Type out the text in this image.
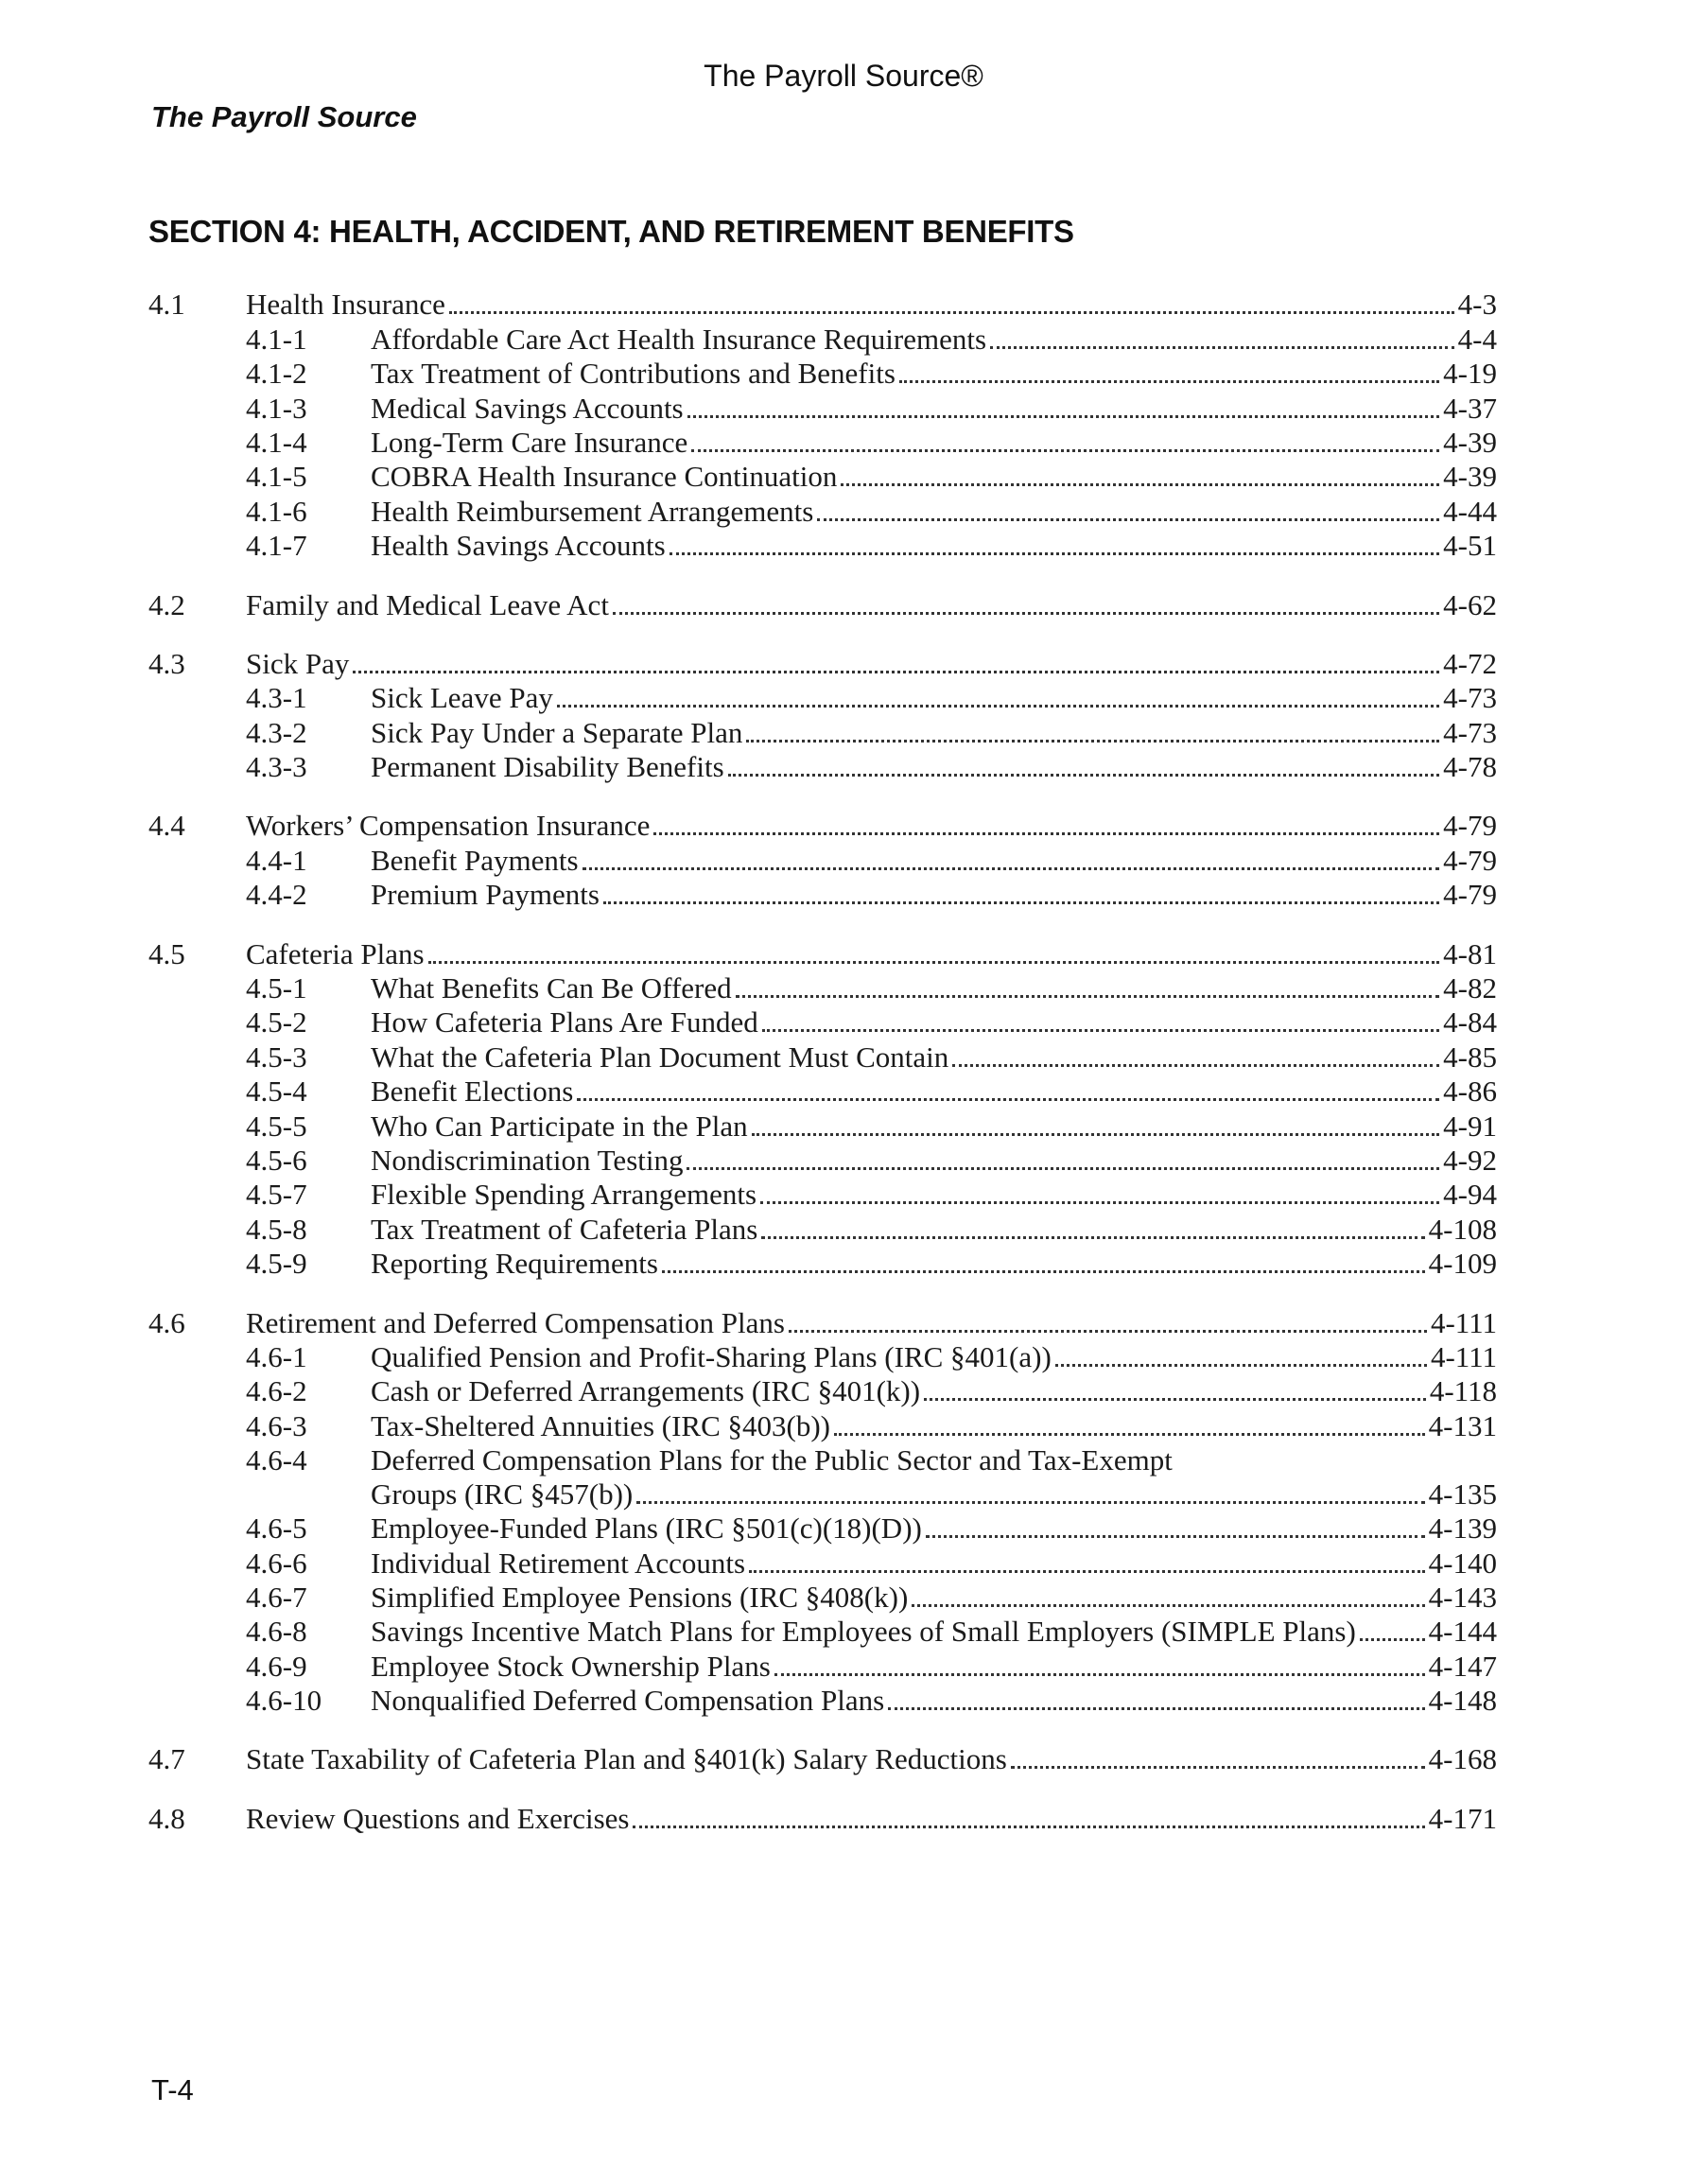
The Payroll Source®
The Payroll Source
SECTION 4: HEALTH, ACCIDENT, AND RETIREMENT BENEFITS
4.1	Health Insurance	4-3
4.1-1	Affordable Care Act Health Insurance Requirements	4-4
4.1-2	Tax Treatment of Contributions and Benefits	4-19
4.1-3	Medical Savings Accounts	4-37
4.1-4	Long-Term Care Insurance	4-39
4.1-5	COBRA Health Insurance Continuation	4-39
4.1-6	Health Reimbursement Arrangements	4-44
4.1-7	Health Savings Accounts	4-51
4.2	Family and Medical Leave Act	4-62
4.3	Sick Pay	4-72
4.3-1	Sick Leave Pay	4-73
4.3-2	Sick Pay Under a Separate Plan	4-73
4.3-3	Permanent Disability Benefits	4-78
4.4	Workers’ Compensation Insurance	4-79
4.4-1	Benefit Payments	4-79
4.4-2	Premium Payments	4-79
4.5	Cafeteria Plans	4-81
4.5-1	What Benefits Can Be Offered	4-82
4.5-2	How Cafeteria Plans Are Funded	4-84
4.5-3	What the Cafeteria Plan Document Must Contain	4-85
4.5-4	Benefit Elections	4-86
4.5-5	Who Can Participate in the Plan	4-91
4.5-6	Nondiscrimination Testing	4-92
4.5-7	Flexible Spending Arrangements	4-94
4.5-8	Tax Treatment of Cafeteria Plans	4-108
4.5-9	Reporting Requirements	4-109
4.6	Retirement and Deferred Compensation Plans	4-111
4.6-1	Qualified Pension and Profit-Sharing Plans (IRC §401(a))	4-111
4.6-2	Cash or Deferred Arrangements (IRC §401(k))	4-118
4.6-3	Tax-Sheltered Annuities (IRC §403(b))	4-131
4.6-4	Deferred Compensation Plans for the Public Sector and Tax-Exempt
Groups (IRC §457(b))	4-135
4.6-5	Employee-Funded Plans (IRC §501(c)(18)(D))	4-139
4.6-6	Individual Retirement Accounts	4-140
4.6-7	Simplified Employee Pensions (IRC §408(k))	4-143
4.6-8	Savings Incentive Match Plans for Employees of Small Employers (SIMPLE Plans) 4-144
4.6-9	Employee Stock Ownership Plans	4-147
4.6-10	Nonqualified Deferred Compensation Plans	4-148
4.7	State Taxability of Cafeteria Plan and §401(k) Salary Reductions	4-168
4.8	Review Questions and Exercises	4-171
T-4
